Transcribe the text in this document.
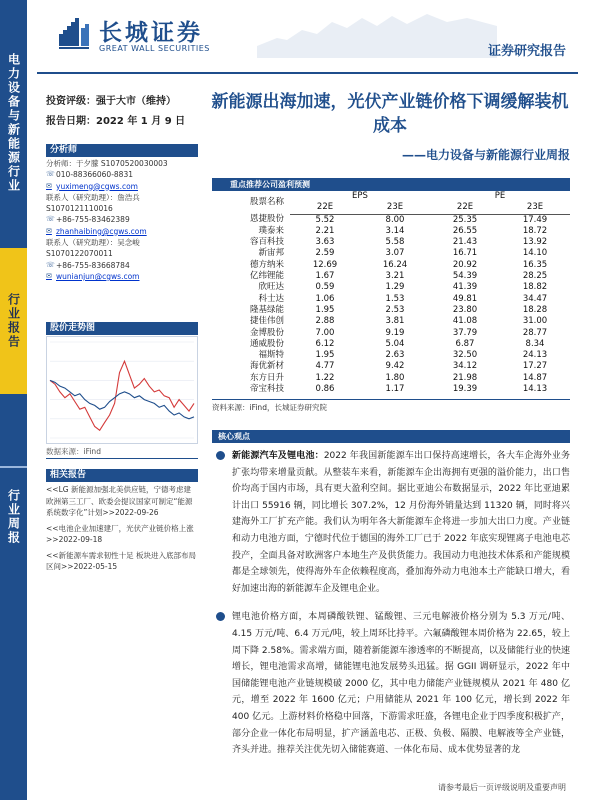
电力设备与新能源行业
行业报告
行业周报
长城证券
GREAT WALL SECURITIES	证券研究报告
投资评级：强于大市（维持）
报告日期：2022 年 1 月 9 日
分析师
分析师：于夕朦 S1070520030003
☏ 010-88366060-8831
✉ yuximeng@cgws.com
联系人（研究助理）：詹浩兵
S1070121110016
☏ +86-755-83462389
✉ zhanhaibing@cgws.com
联系人（研究助理）：吴念峻
S1070122070011
☏ +86-755-83668784
✉ wunianjun@cgws.com
股价走势图
数据来源：iFind
相关报告
<<LG 新能源加强北美供应链，宁德考虑建欧洲第三工厂、欧委会提议国家可制定“能源系统数字化”计划>>2022-09-26
<<电池企业加速建厂，光伏产业链价格上涨>>2022-09-18
<<新能源车需求韧性十足 板块进入底部布局区间>>2022-05-15
新能源出海加速，光伏产业链价格下调缓解装机成本
——电力设备与新能源行业周报
重点推荐公司盈利预测
股票名称	EPS		PE	
	22E	23E	22E	23E
恩捷股份	5.52	8.00	25.35	17.49
璞泰来	2.21	3.14	26.55	18.72
容百科技	3.63	5.58	21.43	13.92
新宙邦	2.59	3.07	16.71	14.10
德方纳米	12.69	16.24	20.92	16.35
亿纬锂能	1.67	3.21	54.39	28.25
欣旺达	0.59	1.29	41.39	18.82
科士达	1.06	1.53	49.81	34.47
隆基绿能	1.95	2.53	23.80	18.28
捷佳伟创	2.88	3.81	41.08	31.00
金博股份	7.00	9.19	37.79	28.77
通威股份	6.12	5.04	6.87	8.34
福斯特	1.95	2.63	32.50	24.13
海优新材	4.77	9.42	34.12	17.27
东方日升	1.22	1.80	21.98	14.87
帝宝科技	0.86	1.17	19.39	14.13
资料来源：iFind，长城证券研究院
核心观点
新能源汽车及锂电池：2022 年我国新能源车出口保持高速增长，各大车企海外业务扩张均带来增量贡献。从整装车来看，新能源车企出海拥有更强的溢价能力，出口售价均高于国内市场，具有更大盈利空间。据比亚迪公布数据显示，2022 年比亚迪累计出口 55916 辆，同比增长 307.2%，12 月份海外销量达到 11320 辆，同时将兴建海外工厂扩充产能。我们认为明年各大新能源车企将进一步加大出口力度。产业链和动力电池方面，宁德时代位于德国的海外工厂已于 2022 年底实现锂离子电池电芯投产，全面具备对欧洲客户本地生产及供货能力。我国动力电池技术体系和产能规模都是全球领先，使得海外车企依赖程度高，叠加海外动力电池本土产能缺口增大，看好加速出海的新能源车企及锂电企业。
锂电池价格方面，本周磷酸铁锂、锰酸锂、三元电解液价格分别为 5.3 万元/吨、4.15 万元/吨、6.4 万元/吨，较上周环比持平。六氟磷酸锂本周价格为 22.65，较上周下降 2.58%。需求端方面，随着新能源车渗透率的不断提高，以及储能行业的快速增长，锂电池需求高增，储能锂电池发展势头迅猛。据 GGII 调研显示，2022 年中国储能锂电池产业链规模破 2000 亿，其中电力储能产业链规模从 2021 年 480 亿元，增至 2022 年 1600 亿元；户用储能从 2021 年 100 亿元，增长到 2022 年 400 亿元。上游材料价格稳中回落，下游需求旺盛，各锂电企业于四季度积极扩产，部分企业一体化布局明显，扩产涵盖电芯、正极、负极、隔膜、电解液等全产业链，齐头并进。推荐关注优先切入储能赛道、一体化布局、成本优势显著的龙
请参考最后一页评级说明及重要声明
